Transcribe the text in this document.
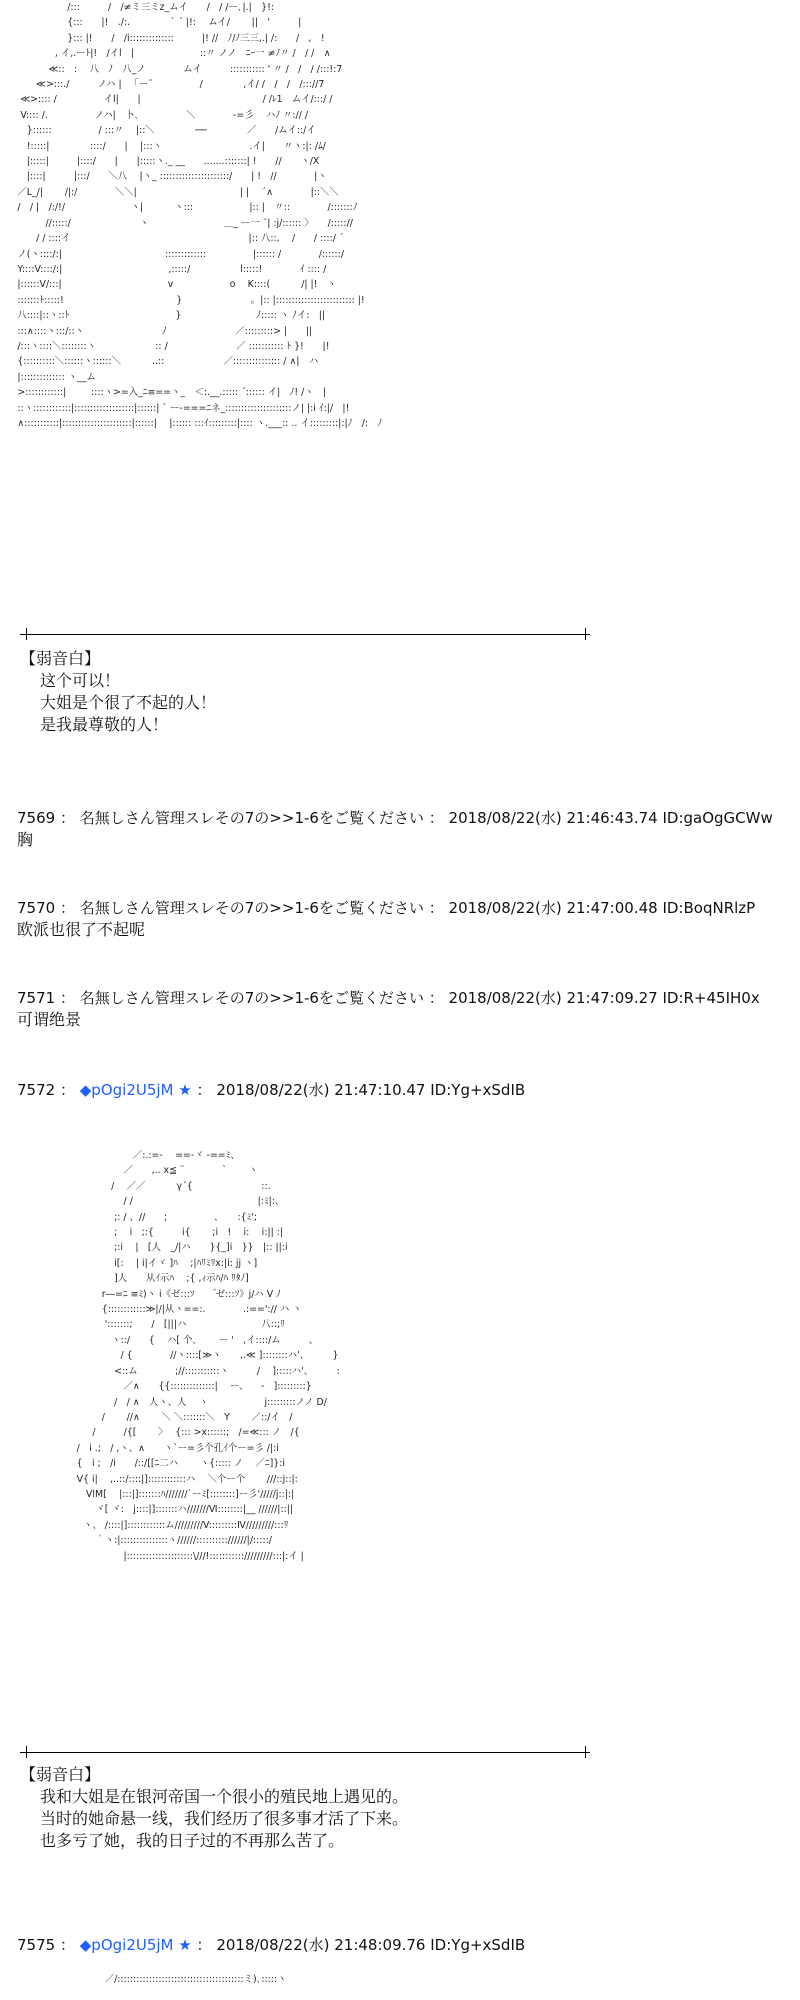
　　　　　　 /:::　　　/　/≠ミ三ミz_ムイ　　/　/ /ー､|.|　}!:
　　　　　 　{:::　　|!　./:.　　 　　` ´ |!:　 ムイ/　 　||　'　　　|
　　　　　 　}::: |!　　/　/i::::::::::::::　　　|! //　ﾉ/ﾉ三三,.| /:　　/　,　!
　　　　　, イ,.ーﾄ|!　/イl　|　　　　　　　::〃 ノノ　ﾆｰ一 ≠ﾉ〃 /　/ /　∧
　　　　 ≪::　:　 八　ﾉ　八_ノ　　　　ムイ　　　::::::::::: ' 〃 /　/　/ /:::!:7
　　　≪>:::./　　　ノハ |　 ｢ー¨　　　　　/　　　　 ,イ/ /　/　/　/::://7
　 ≪>:::: /　　　　　イl|　　|　　　　　　　　　　　　　/ /ﾚ1　ムイ/:::/ /
　 V:::: /.　　　　　ノハ|　卜､　　　　　＼　　　　-=彡　 ハﾉ 〃:// /
　　}::::::　　　　　/ :::〃　 |::＼　　　　 ──　　　　 ／　　/ムイ::/イ
　　!:::::|　　　　 ::::/　　|　 |:::ヽ　　　　　　　　　 .イ|　　〃ヽ:|: /ﾑ/
　　|:::::|　　　|::::/　　|　　|:::::ヽ._ __　　.......:::::::| !　　//　　ヽ/X
　　|::::|　　　|:::/　　＼八　 |ヽ_ ::::::::::::::::::::::/　　| !　//　　　　|ヽ
　／L_/|　　 /|:/　　　　＼＼|　　　　　　　　　　　| |　 ´∧　　　　|::＼＼
　/　/ |　/:/!/　　　　　　　ヽ|　　　 ヽ:::　　　　　　|:: |　〃::　　　　/:::::::ﾉ
　　　　//:::::/　　　　　　　 ヽ　　　　　　　　＿_ ー一 ´| :j/:::::: 〉　　/::::://
　　　/ / ::::イ　　　　　　　　　　　　　　　　　　　|:: 八::,　 /　　/ ::::/ ´
　ノ(ヽ::::/:|　　　　　　　　　　　:::::::::::::　　　　　|:::::: /　　　　/::::::/
　Y::::V::::/:|　　　　　　　　　　　 ,:::::/　　　　　 l:::::!　　　　ｲ :::: /
　|::::::V/:::|　　　　　　　　　　　 v　　　　　　o　 K::::(　　　 /| |!　ヽ
　:::::::ﾄ:::::!　　　　　　　　　　　　}　　　　　　　 。|:: |::::::::::::::::::::::::: |!
　八::::|::ヽ::ﾄ　　　　　　　　　　　 }　　　　　　　　ﾉ::::: ヽ ﾉイ:　||
　:::∧::::ヽ:::/::ヽ　　　　　　　　 ﾉ　　　　　　　 ／:::::::::> |　　||
　/:::ヽ::::＼::::::::ヽ　　　　　　 :: /　　　　　　　 ／ ::::::::::: ﾄ }!　　|!
　{::::::::::＼::::::ヽ::::::＼　　　 ..::　　　　　　 ／::::::::::::::: / ∧|　ハ
　|:::::::::::::: ヽ__ム
　>::::::::::::| 　　 ::::ヽ>=入_ﾆ≡==ヽ_　＜:.__.::::: ´:::::: イ|　ﾉ! /ヽ　|
　::ヽ::::::::::::|:::::::::::::::::::|::::::| ` ー-===ﾆネ_:::::::::::::::::::::ノ| |:i ｲ:|/　|!
　∧:::::::::::|::::::::::::::::::::::|::::::|　 |:::::: :::ｲ:::::::::|:::: ヽ.___:: .. イ:::::::::|:|ﾉ　/:　ﾉ
【弱音白】
这个可以！
大姐是个很了不起的人！
是我最尊敬的人！
7569 ： 名無しさん管理スレその7の>>1-6をご覧ください ： 2018/08/22(水) 21:46:43.74 ID:gaOgGCWw
胸
7570 ： 名無しさん管理スレその7の>>1-6をご覧ください ： 2018/08/22(水) 21:47:00.48 ID:BoqNRlzP
欧派也很了不起呢
7571 ： 名無しさん管理スレその7の>>1-6をご覧ください ： 2018/08/22(水) 21:47:09.27 ID:R+45IH0x
可谓绝景
7572 ： ◆pOgi2U5jM ★ ： 2018/08/22(水) 21:47:10.47 ID:Yg+xSdIB
　　　　　　　　　　　　　 ／:.:=-　 ==-ヾ -==ﾐ、
　　　　　　　　　　　　 ／　　,.. x≦ ¨　　　　`　　 ヽ
　　　　　　　　　　　/　 ／／　　　 γ´{　　　　　　　 ::.
　　　　　　　　　　　　 / /　　　　　　　　　　　　　 |:ﾐ|:、
　　　　　　　　　　　 ;: / 、//　　;　　　　　、　　:{ﾐ';
　　　　　　　　　　　 ;　 i　;:{　　　i{　 　;i　!　 i:　 i:|| :|
　　　　　　　　　　　 ;:i　 |　[人　_/|ハ　　}{_]i　}}　|:: ||:i
　　　　　　　　　　　 i[:　 | i|イヾ ]ﾊ　 ;|ﾊﾘﾐﾘx:|i: jj ヽ]
　　　　　　　　　　　 ]人　　从ｲ示ﾊ　 ;{ ,ｨ示ﾊ/ﾊ ﾘﾀﾉ]
　　　　　　　　　　r―=ﾆ ≡ﾐ)ヽ i《ゼ:::ｿ　　 ゙ゼ:::ｿ》j/ハ V ﾉ
　　　　　　　　　　{::::::::::::≫|/|从ヽ==:.　　　　.:==':// ハ ヽ
　　　　　　　　　　 ':::::::;　　/　[|||ハ　　　　　　　　八::;ﾘ
　　　　　　　　　　　ヽ::/　　{　 ハ[ 个､　　 ー '　,イ::::/ム　　　、
　　　　　　　　　　　　/ {　　　　//ヽ::::[≫ヽ　　,.≪ ]::::::::ハ'、　　　}
　　　　　　　　　　　 <::ム　　　　;//:::::::::::ヽ　　　/　 ]:::::ハ'、　　　:
　　　　　　　　　　　 　／∧　　{{::::::::::::::| 　ー、 　-　]:::::::::}
　　　　　　　　　　　 /　/ ∧　人ヽ、人　 ヽ　　　　　　j:::::::::ノノ D/
　　　　　　　　　　/　 　//∧　 　＼ ＼:::::::＼　Y　　 ／::/イ　/
　　　　　　　　　/　　　/{[　　 〉　 {::: >x::::::;　/=≪::: ノ　/{
　　　　　　　 /　i .;　/ ,ヽ、∧　　ヽ`ー=彡个孔ｲ个ー=彡 /|:i
　　　　　　　 {　i ;　/i　　/::/[[ﾆ二ハ　　 ヽ{::::: ノ　 ／ﾆ]}:i
　　　　　　　 V{ i|　 ,..::/::::|]::::::::::::ハ　 ＼个ー个　　 ///::j::|:
　　　　　　　　 VlM[ 　|:::|]:::::::ﾊ///////`ーﾐ[::::::::]ー彡'/////j::|:|
　　　　　　　　　 ヾ[ ヾ:　j::::|]:::::::ハ///////Ⅵ::::::::|__ //////|::||
　　　　　　　　ヽ、 /::::|]::::::::::::ム/////////V:::::::::Ⅳ/////////:::ﾘ
　　　　　　　　　 ｀ヽ:|:::::::::::::::ヽ//////:::::::::://////|/:::::/
　　　　　　　　　　　　 |:::::::::::::::::::::\///!::::::::::://///////:::|:イ |
【弱音白】
我和大姐是在银河帝国一个很小的殖民地上遇见的。
当时的她命悬一线，我们经历了很多事才活了下来。
也多亏了她，我的日子过的不再那么苦了。
7575 ： ◆pOgi2U5jM ★ ： 2018/08/22(水) 21:48:09.76 ID:Yg+xSdIB
　　　　　　　　　　 ／/::::::::::::::::::::::::::::::::::::::::ミ)､:::::ヽ
